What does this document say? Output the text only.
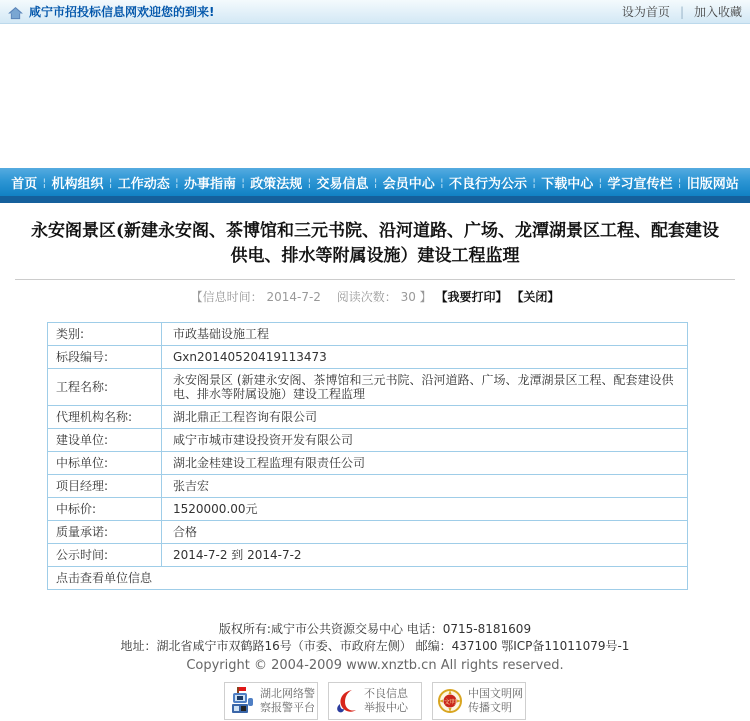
咸宁市招投标信息网欢迎您的到来!	设为首页 | 加入收藏
首页 ¦ 机构组织 ¦ 工作动态 ¦ 办事指南 ¦ 政策法规 ¦ 交易信息 ¦ 会员中心 ¦ 不良行为公示 ¦ 下载中心 ¦ 学习宣传栏 ¦ 旧版网站
永安阁景区(新建永安阁、茶博馆和三元书院、沿河道路、广场、龙潭湖景区工程、配套建设供电、排水等附属设施）建设工程监理
【信息时间： 2014-7-2　 阅读次数： 30 】 【我要打印】 【关闭】
类别:	市政基础设施工程
标段编号:	Gxn20140520419113473
工程名称:	永安阁景区 (新建永安阁、茶博馆和三元书院、沿河道路、广场、龙潭湖景区工程、配套建设供电、排水等附属设施）建设工程监理
代理机构名称:	湖北鼎正工程咨询有限公司
建设单位:	咸宁市城市建设投资开发有限公司
中标单位:	湖北金桂建设工程监理有限责任公司
项目经理:	张吉宏
中标价:	1520000.00元
质量承诺:	合格
公示时间:	2014-7-2 到 2014-7-2
点击查看单位信息	
版权所有:咸宁市公共资源交易中心 电话：0715-8181609
地址：湖北省咸宁市双鹤路16号（市委、市政府左侧） 邮编：437100 鄂ICP备11011079号-1
Copyright © 2004-2009 www.xnztb.cn All rights reserved.
湖北网络警
察报警平台
不良信息
举报中心	文明
中国文明网
传播文明
